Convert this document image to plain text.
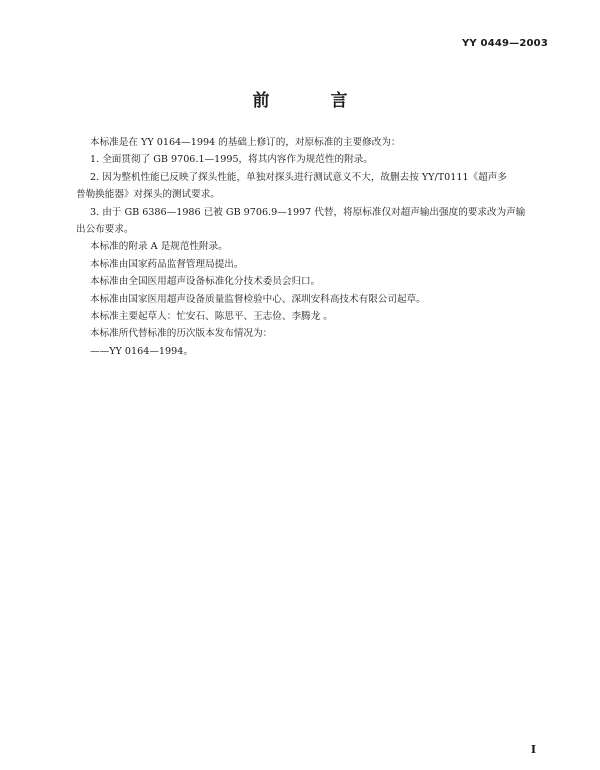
YY 0449—2003
前　言

本标准是在 YY 0164—1994 的基础上修订的，对原标准的主要修改为：

1. 全面贯彻了 GB 9706.1—1995，将其内容作为规范性的附录。

2. 因为整机性能已反映了探头性能，单独对探头进行测试意义不大，故删去按 YY/T0111《超声多
普勒换能器》对探头的测试要求。

3. 由于 GB 6386—1986 已被 GB 9706.9—1997 代替，将原标准仅对超声输出强度的要求改为声输
出公布要求。

本标准的附录 A 是规范性附录。

本标准由国家药品监督管理局提出。

本标准由全国医用超声设备标准化分技术委员会归口。

本标准由国家医用超声设备质量监督检验中心、深圳安科高技术有限公司起草。

本标准主要起草人：忙安石、陈思平、王志俭、李腾龙 。

本标准所代替标准的历次版本发布情况为：

——YY 0164—1994。

I
